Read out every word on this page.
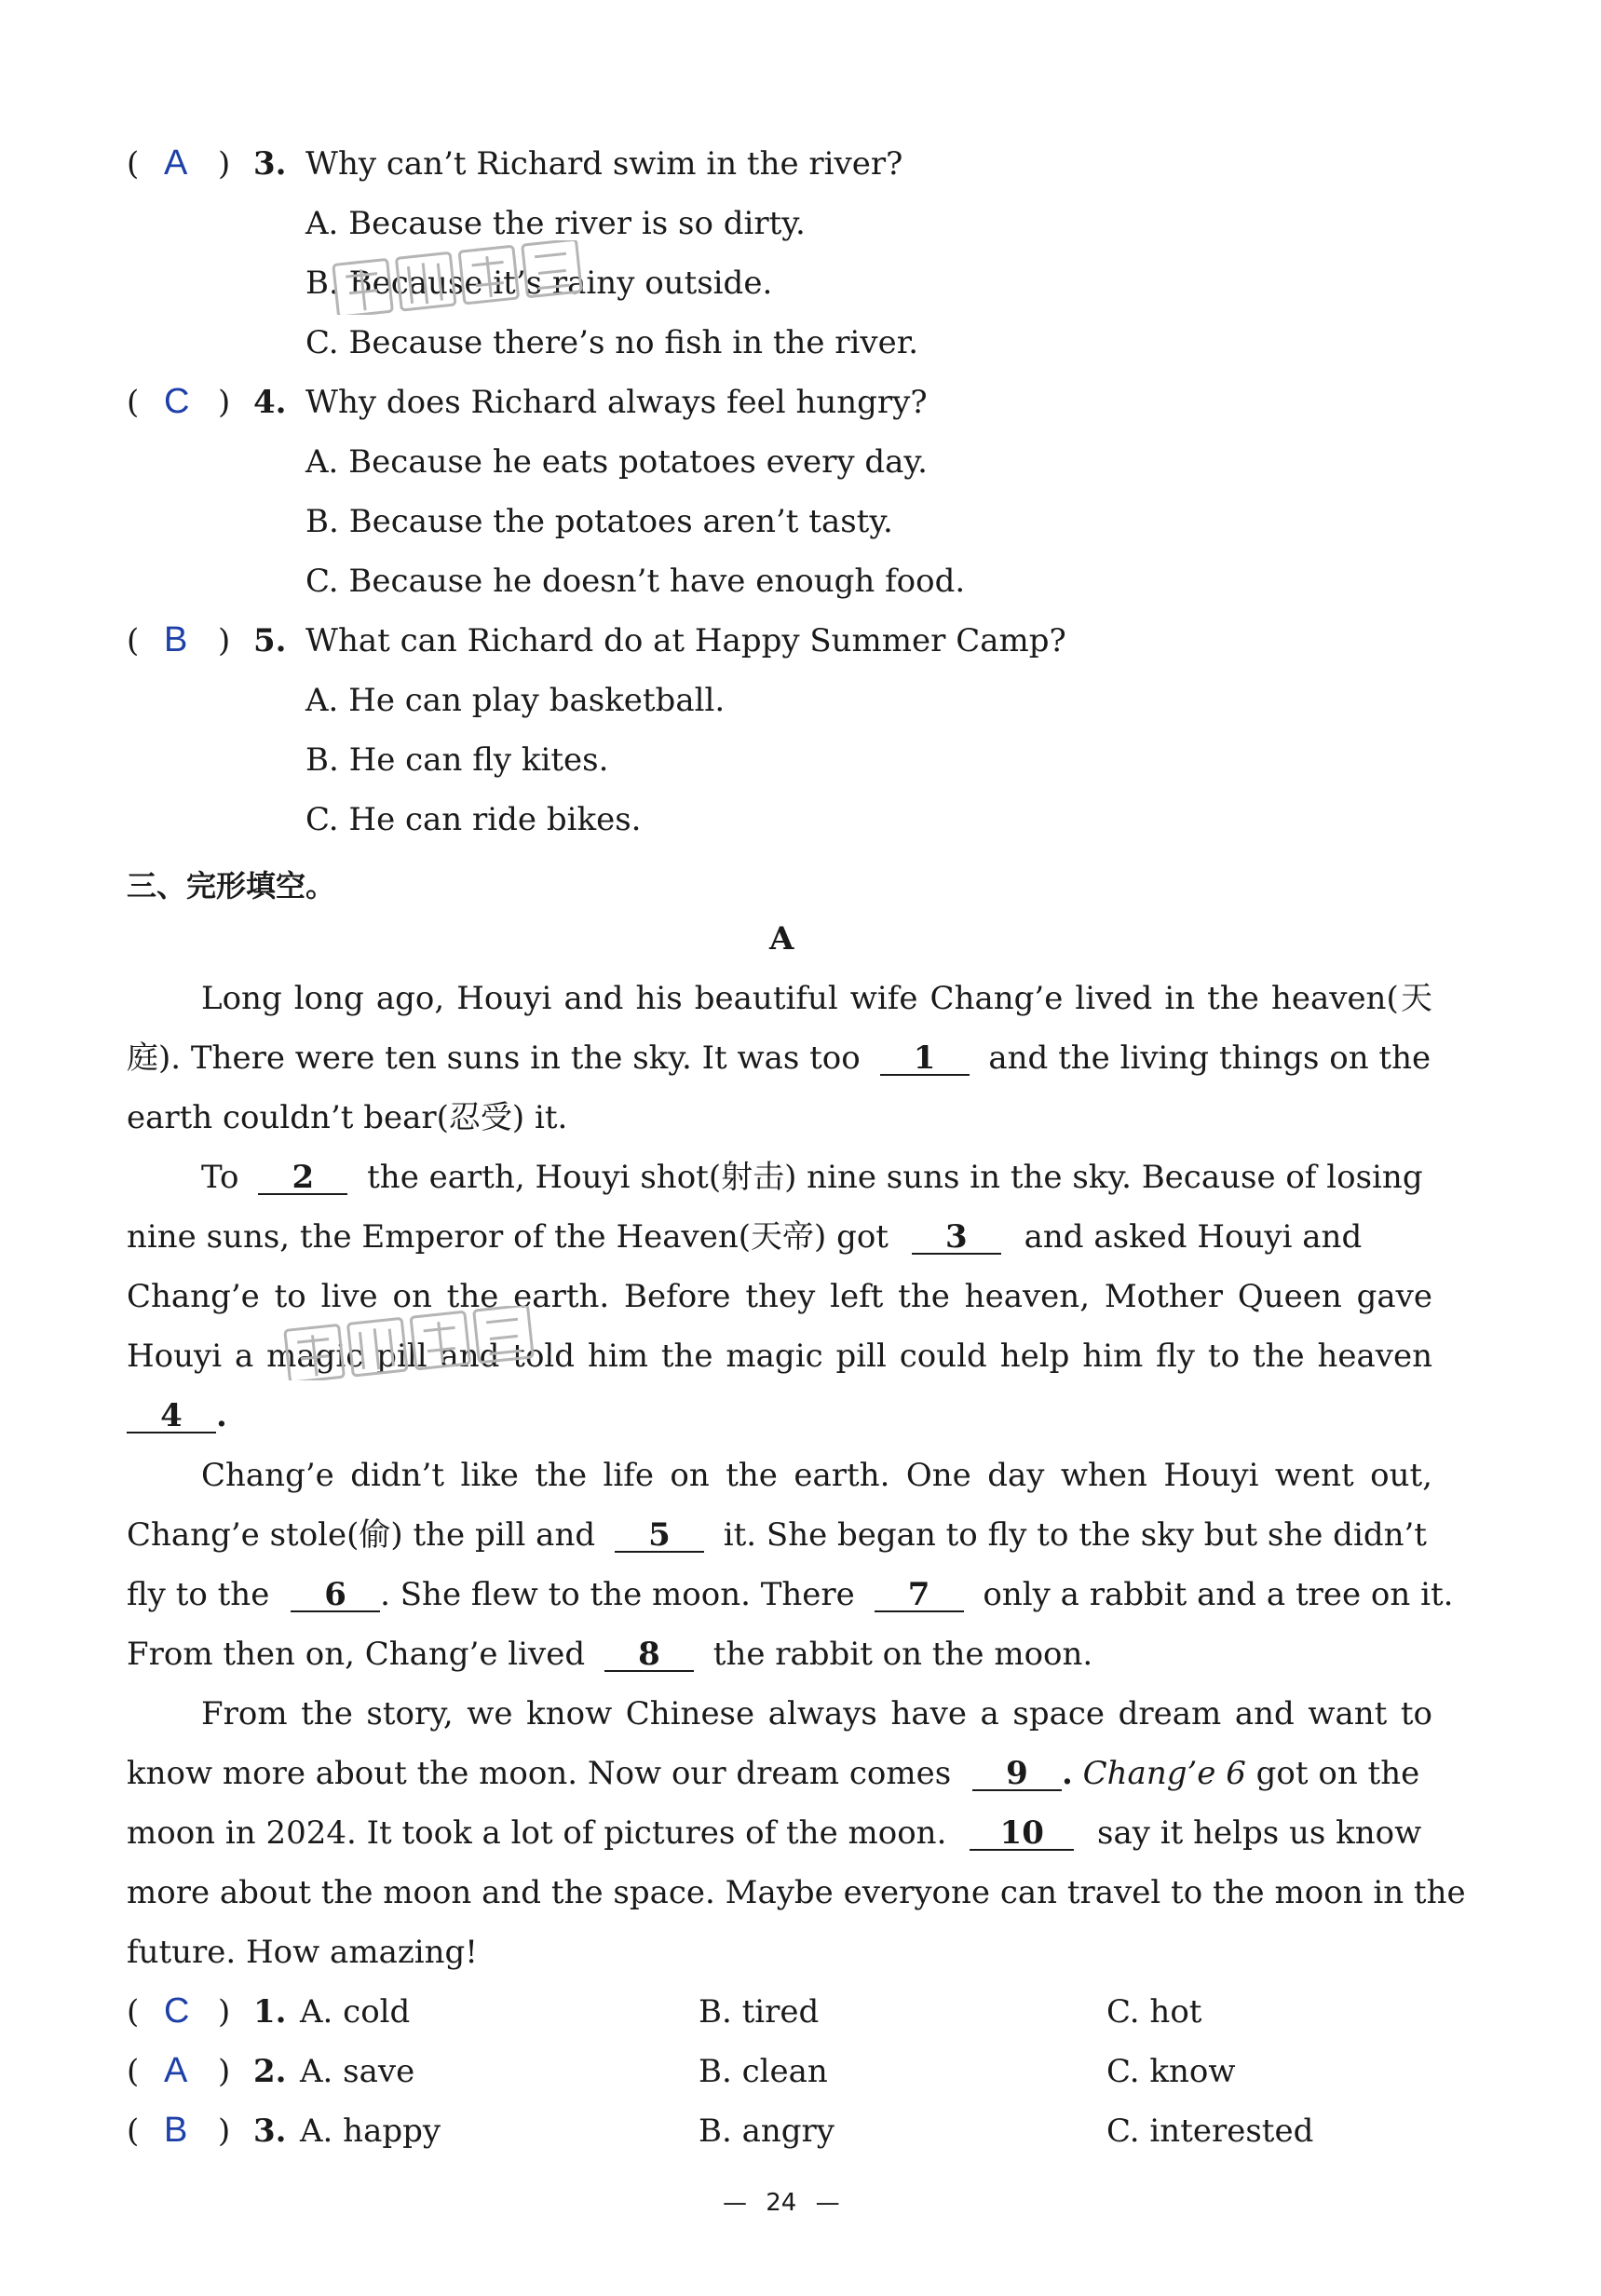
( A ) 3. Why can’t Richard swim in the river?
A. Because the river is so dirty.
B. Because it’s rainy outside.
C. Because there’s no fish in the river.
( C ) 4. Why does Richard always feel hungry?
A. Because he eats potatoes every day.
B. Because the potatoes aren’t tasty.
C. Because he doesn’t have enough food.
( B ) 5. What can Richard do at Happy Summer Camp?
A. He can play basketball.
B. He can fly kites.
C. He can ride bikes.
三、完形填空。
A
Long long ago, Houyi and his beautiful wife Chang’e lived in the heaven(天
庭). There were ten suns in the sky. It was too 1 and the living things on the
earth couldn’t bear(忍受) it.
To 2 the earth, Houyi shot(射击) nine suns in the sky. Because of losing
nine suns, the Emperor of the Heaven(天帝) got 3 and asked Houyi and
Chang’e to live on the earth. Before they left the heaven, Mother Queen gave
Houyi a magic pill and told him the magic pill could help him fly to the heaven
4 .
Chang’e didn’t like the life on the earth. One day when Houyi went out,
Chang’e stole(偷) the pill and 5 it. She began to fly to the sky but she didn’t
fly to the 6 . She flew to the moon. There 7 only a rabbit and a tree on it.
From then on, Chang’e lived 8 the rabbit on the moon.
From the story, we know Chinese always have a space dream and want to
know more about the moon. Now our dream comes 9 . Chang’e 6 got on the
moon in 2024. It took a lot of pictures of the moon. 10 say it helps us know
more about the moon and the space. Maybe everyone can travel to the moon in the
future. How amazing!
( C ) 1. A. cold	B. tired	C. hot
( A ) 2. A. save	B. clean	C. know
( B ) 3. A. happy	B. angry	C. interested
— 24 —
